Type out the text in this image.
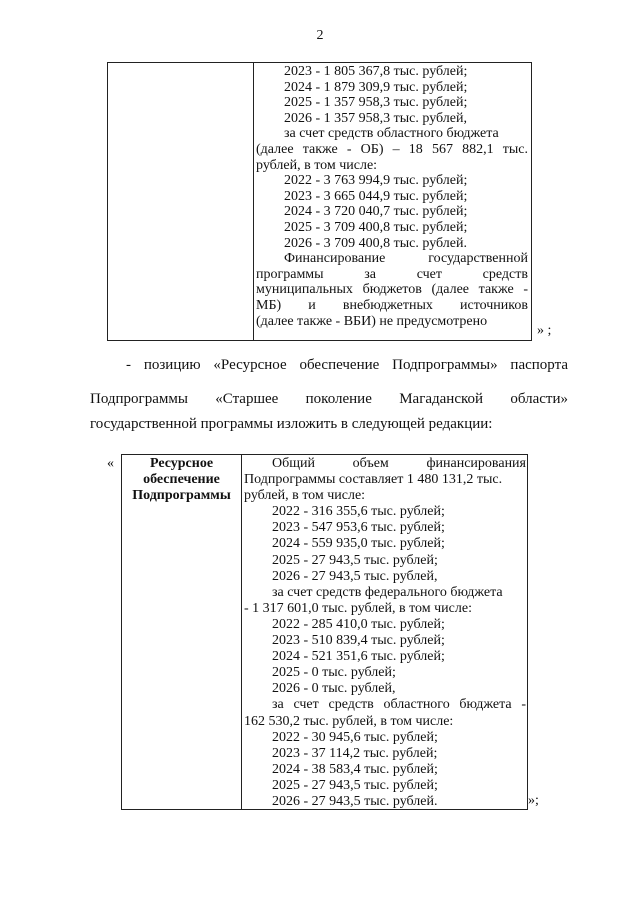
2
2023 - 1 805 367,8 тыс. рублей;
2024 - 1 879 309,9 тыс. рублей;
2025 - 1 357 958,3 тыс. рублей;
2026 - 1 357 958,3 тыс. рублей,
за счет средств областного бюджета
(далее также - ОБ) – 18 567 882,1 тыс.
рублей, в том числе:
2022 - 3 763 994,9 тыс. рублей;
2023 - 3 665 044,9 тыс. рублей;
2024 - 3 720 040,7 тыс. рублей;
2025 - 3 709 400,8 тыс. рублей;
2026 - 3 709 400,8 тыс. рублей.
Финансирование государственной
программы за счет средств
муниципальных бюджетов (далее также -
МБ) и внебюджетных источников
(далее также - ВБИ) не предусмотрено
» ;
- позицию «Ресурсное обеспечение Подпрограммы» паспорта
Подпрограммы «Старшее поколение Магаданской области»
государственной программы изложить в следующей редакции:
«	Ресурсное
обеспечение
Подпрограммы
Общий объем финансирования
Подпрограммы составляет 1 480 131,2 тыс.
рублей, в том числе:
2022 - 316 355,6 тыс. рублей;
2023 - 547 953,6 тыс. рублей;
2024 - 559 935,0 тыс. рублей;
2025 - 27 943,5 тыс. рублей;
2026 - 27 943,5 тыс. рублей,
за счет средств федерального бюджета
- 1 317 601,0 тыс. рублей, в том числе:
2022 - 285 410,0 тыс. рублей;
2023 - 510 839,4 тыс. рублей;
2024 - 521 351,6 тыс. рублей;
2025 - 0 тыс. рублей;
2026 - 0 тыс. рублей,
за счет средств областного бюджета -
162 530,2 тыс. рублей, в том числе:
2022 - 30 945,6 тыс. рублей;
2023 - 37 114,2 тыс. рублей;
2024 - 38 583,4 тыс. рублей;
2025 - 27 943,5 тыс. рублей;
2026 - 27 943,5 тыс. рублей.	»;
